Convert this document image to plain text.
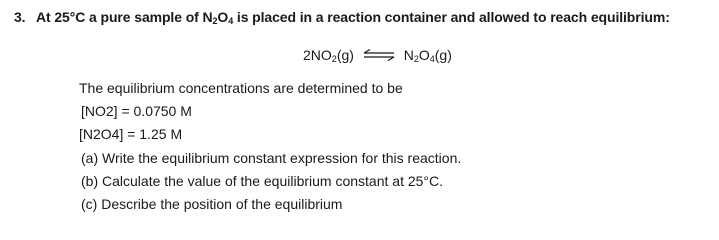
3. At 25°C a pure sample of $N_2O_4$ is placed in a reaction container and allowed to reach equilibrium:
$2NO_2(g)$ ⇌ $N_2O_4(g)$
The equilibrium concentrations are determined to be
[NO2] = 0.0750 M
[N2O4] = 1.25 M
(a) Write the equilibrium constant expression for this reaction.
(b) Calculate the value of the equilibrium constant at 25°C.
(c) Describe the position of the equilibrium
